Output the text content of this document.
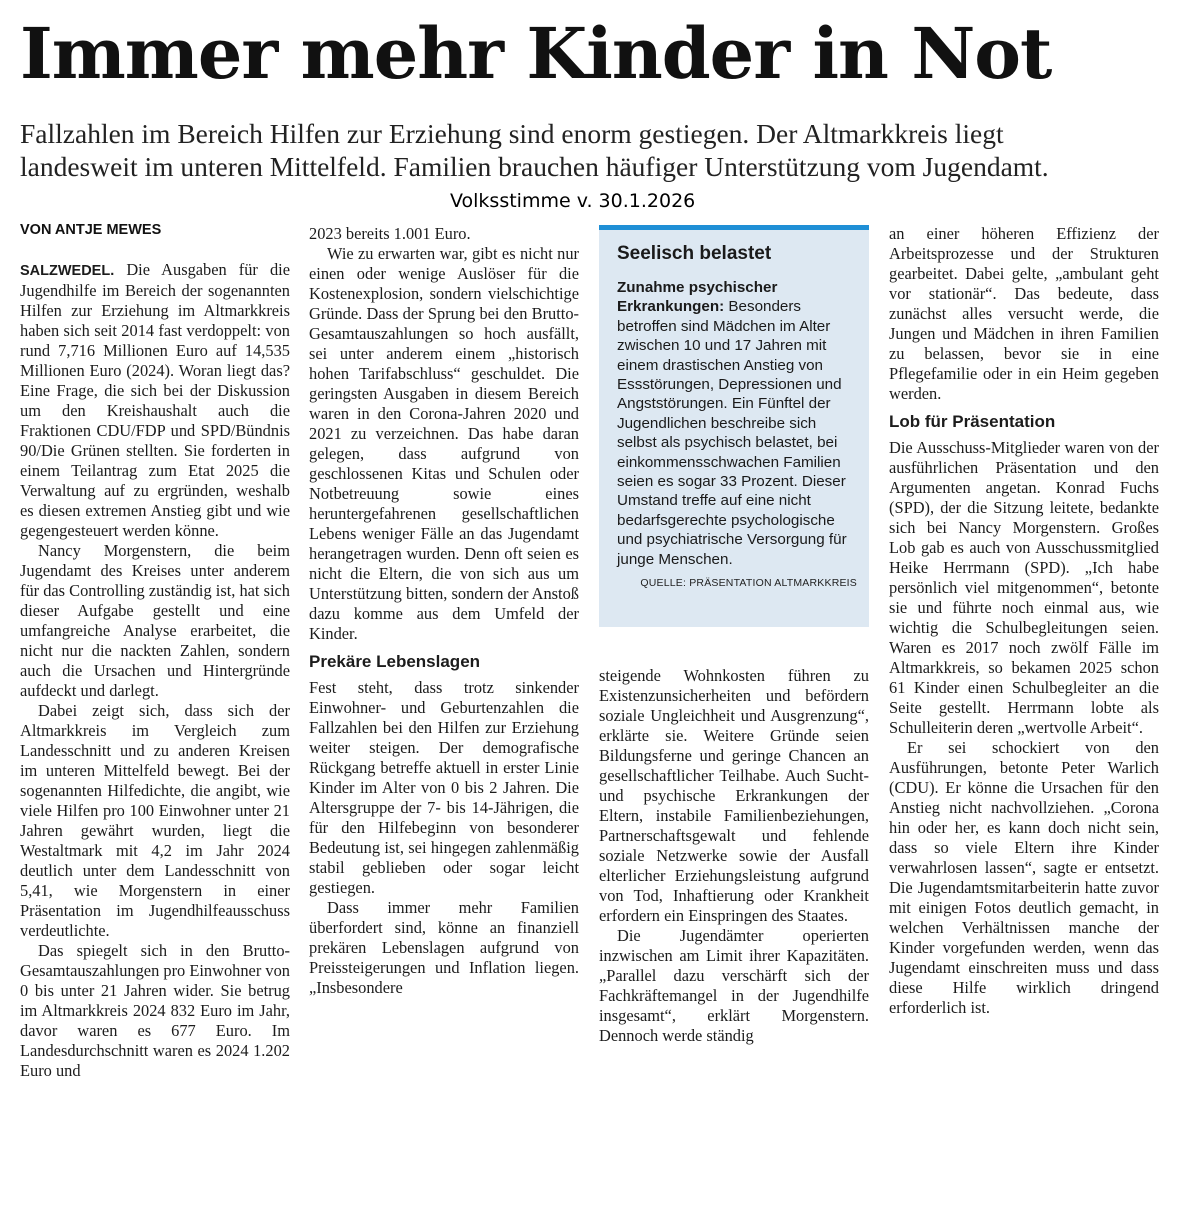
Immer mehr Kinder in Not
Fallzahlen im Bereich Hilfen zur Erziehung sind enorm gestiegen. Der Altmarkkreis liegt
landesweit im unteren Mittelfeld. Familien brauchen häufiger Unterstützung vom Jugendamt.
Volksstimme v. 30.1.2026
VON ANTJE MEWES

SALZWEDEL. Die Ausgaben für die Jugendhilfe im Bereich der sogenannten Hilfen zur Erziehung im Altmarkkreis haben sich seit 2014 fast verdoppelt: von rund 7,716 Millionen Euro auf 14,535 Millionen Euro (2024). Woran liegt das? Eine Frage, die sich bei der Diskussion um den Kreishaushalt auch die Fraktionen CDU/FDP und SPD/Bündnis 90/Die Grünen stellten. Sie forderten in einem Teilantrag zum Etat 2025 die Verwaltung auf zu ergründen, weshalb es diesen extremen Anstieg gibt und wie gegengesteuert werden könne.

Nancy Morgenstern, die beim Jugendamt des Kreises unter anderem für das Controlling zuständig ist, hat sich dieser Aufgabe gestellt und eine umfangreiche Analyse erarbeitet, die nicht nur die nackten Zahlen, sondern auch die Ursachen und Hintergründe aufdeckt und darlegt.

Dabei zeigt sich, dass sich der Altmarkkreis im Vergleich zum Landesschnitt und zu anderen Kreisen im unteren Mittelfeld bewegt. Bei der sogenannten Hilfedichte, die angibt, wie viele Hilfen pro 100 Einwohner unter 21 Jahren gewährt wurden, liegt die Westaltmark mit 4,2 im Jahr 2024 deutlich unter dem Landesschnitt von 5,41, wie Morgenstern in einer Präsentation im Jugendhilfeausschuss verdeutlichte.

Das spiegelt sich in den Brutto-Gesamtauszahlungen pro Einwohner von 0 bis unter 21 Jahren wider. Sie betrug im Altmarkkreis 2024 832 Euro im Jahr, davor waren es 677 Euro. Im Landesdurchschnitt waren es 2024 1.202 Euro und

2023 bereits 1.001 Euro.

Wie zu erwarten war, gibt es nicht nur einen oder wenige Auslöser für die Kostenexplosion, sondern vielschichtige Gründe. Dass der Sprung bei den Brutto-Gesamtauszahlungen so hoch ausfällt, sei unter anderem einem „historisch hohen Tarifabschluss“ geschuldet. Die geringsten Ausgaben in diesem Bereich waren in den Corona-Jahren 2020 und 2021 zu verzeichnen. Das habe daran gelegen, dass aufgrund von geschlossenen Kitas und Schulen oder Notbetreuung sowie eines heruntergefahrenen gesellschaftlichen Lebens weniger Fälle an das Jugendamt herangetragen wurden. Denn oft seien es nicht die Eltern, die von sich aus um Unterstützung bitten, sondern der Anstoß dazu komme aus dem Umfeld der Kinder.

Prekäre Lebenslagen

Fest steht, dass trotz sinkender Einwohner- und Geburtenzahlen die Fallzahlen bei den Hilfen zur Erziehung weiter steigen. Der demografische Rückgang betreffe aktuell in erster Linie Kinder im Alter von 0 bis 2 Jahren. Die Altersgruppe der 7- bis 14-Jährigen, die für den Hilfebeginn von besonderer Bedeutung ist, sei hingegen zahlenmäßig stabil geblieben oder sogar leicht gestiegen.

Dass immer mehr Familien überfordert sind, könne an finanziell prekären Lebenslagen aufgrund von Preissteigerungen und Inflation liegen. „Insbesondere

Seelisch belastet

Zunahme psychischer Erkrankungen: Besonders betroffen sind Mädchen im Alter zwischen 10 und 17 Jahren mit einem drastischen Anstieg von Essstörungen, Depressionen und Angststörungen. Ein Fünftel der Jugendlichen beschreibe sich selbst als psychisch belastet, bei einkommensschwachen Familien seien es sogar 33 Prozent. Dieser Umstand treffe auf eine nicht bedarfsgerechte psychologische und psychiatrische Versorgung für junge Menschen.

QUELLE: PRÄSENTATION ALTMARKKREIS

steigende Wohnkosten führen zu Existenzunsicherheiten und befördern soziale Ungleichheit und Ausgrenzung“, erklärte sie. Weitere Gründe seien Bildungsferne und geringe Chancen an gesellschaftlicher Teilhabe. Auch Sucht- und psychische Erkrankungen der Eltern, instabile Familienbeziehungen, Partnerschaftsgewalt und fehlende soziale Netzwerke sowie der Ausfall elterlicher Erziehungsleistung aufgrund von Tod, Inhaftierung oder Krankheit erfordern ein Einspringen des Staates.

Die Jugendämter operierten inzwischen am Limit ihrer Kapazitäten. „Parallel dazu verschärft sich der Fachkräftemangel in der Jugendhilfe insgesamt“, erklärt Morgenstern. Dennoch werde ständig

an einer höheren Effizienz der Arbeitsprozesse und der Strukturen gearbeitet. Dabei gelte, „ambulant geht vor stationär“. Das bedeute, dass zunächst alles versucht werde, die Jungen und Mädchen in ihren Familien zu belassen, bevor sie in eine Pflegefamilie oder in ein Heim gegeben werden.

Lob für Präsentation

Die Ausschuss-Mitglieder waren von der ausführlichen Präsentation und den Argumenten angetan. Konrad Fuchs (SPD), der die Sitzung leitete, bedankte sich bei Nancy Morgenstern. Großes Lob gab es auch von Ausschussmitglied Heike Herrmann (SPD). „Ich habe persönlich viel mitgenommen“, betonte sie und führte noch einmal aus, wie wichtig die Schulbegleitungen seien. Waren es 2017 noch zwölf Fälle im Altmarkkreis, so bekamen 2025 schon 61 Kinder einen Schulbegleiter an die Seite gestellt. Herrmann lobte als Schulleiterin deren „wertvolle Arbeit“.

Er sei schockiert von den Ausführungen, betonte Peter Warlich (CDU). Er könne die Ursachen für den Anstieg nicht nachvollziehen. „Corona hin oder her, es kann doch nicht sein, dass so viele Eltern ihre Kinder verwahrlosen lassen“, sagte er entsetzt. Die Jugendamtsmitarbeiterin hatte zuvor mit einigen Fotos deutlich gemacht, in welchen Verhältnissen manche der Kinder vorgefunden werden, wenn das Jugendamt einschreiten muss und dass diese Hilfe wirklich dringend erforderlich ist.
